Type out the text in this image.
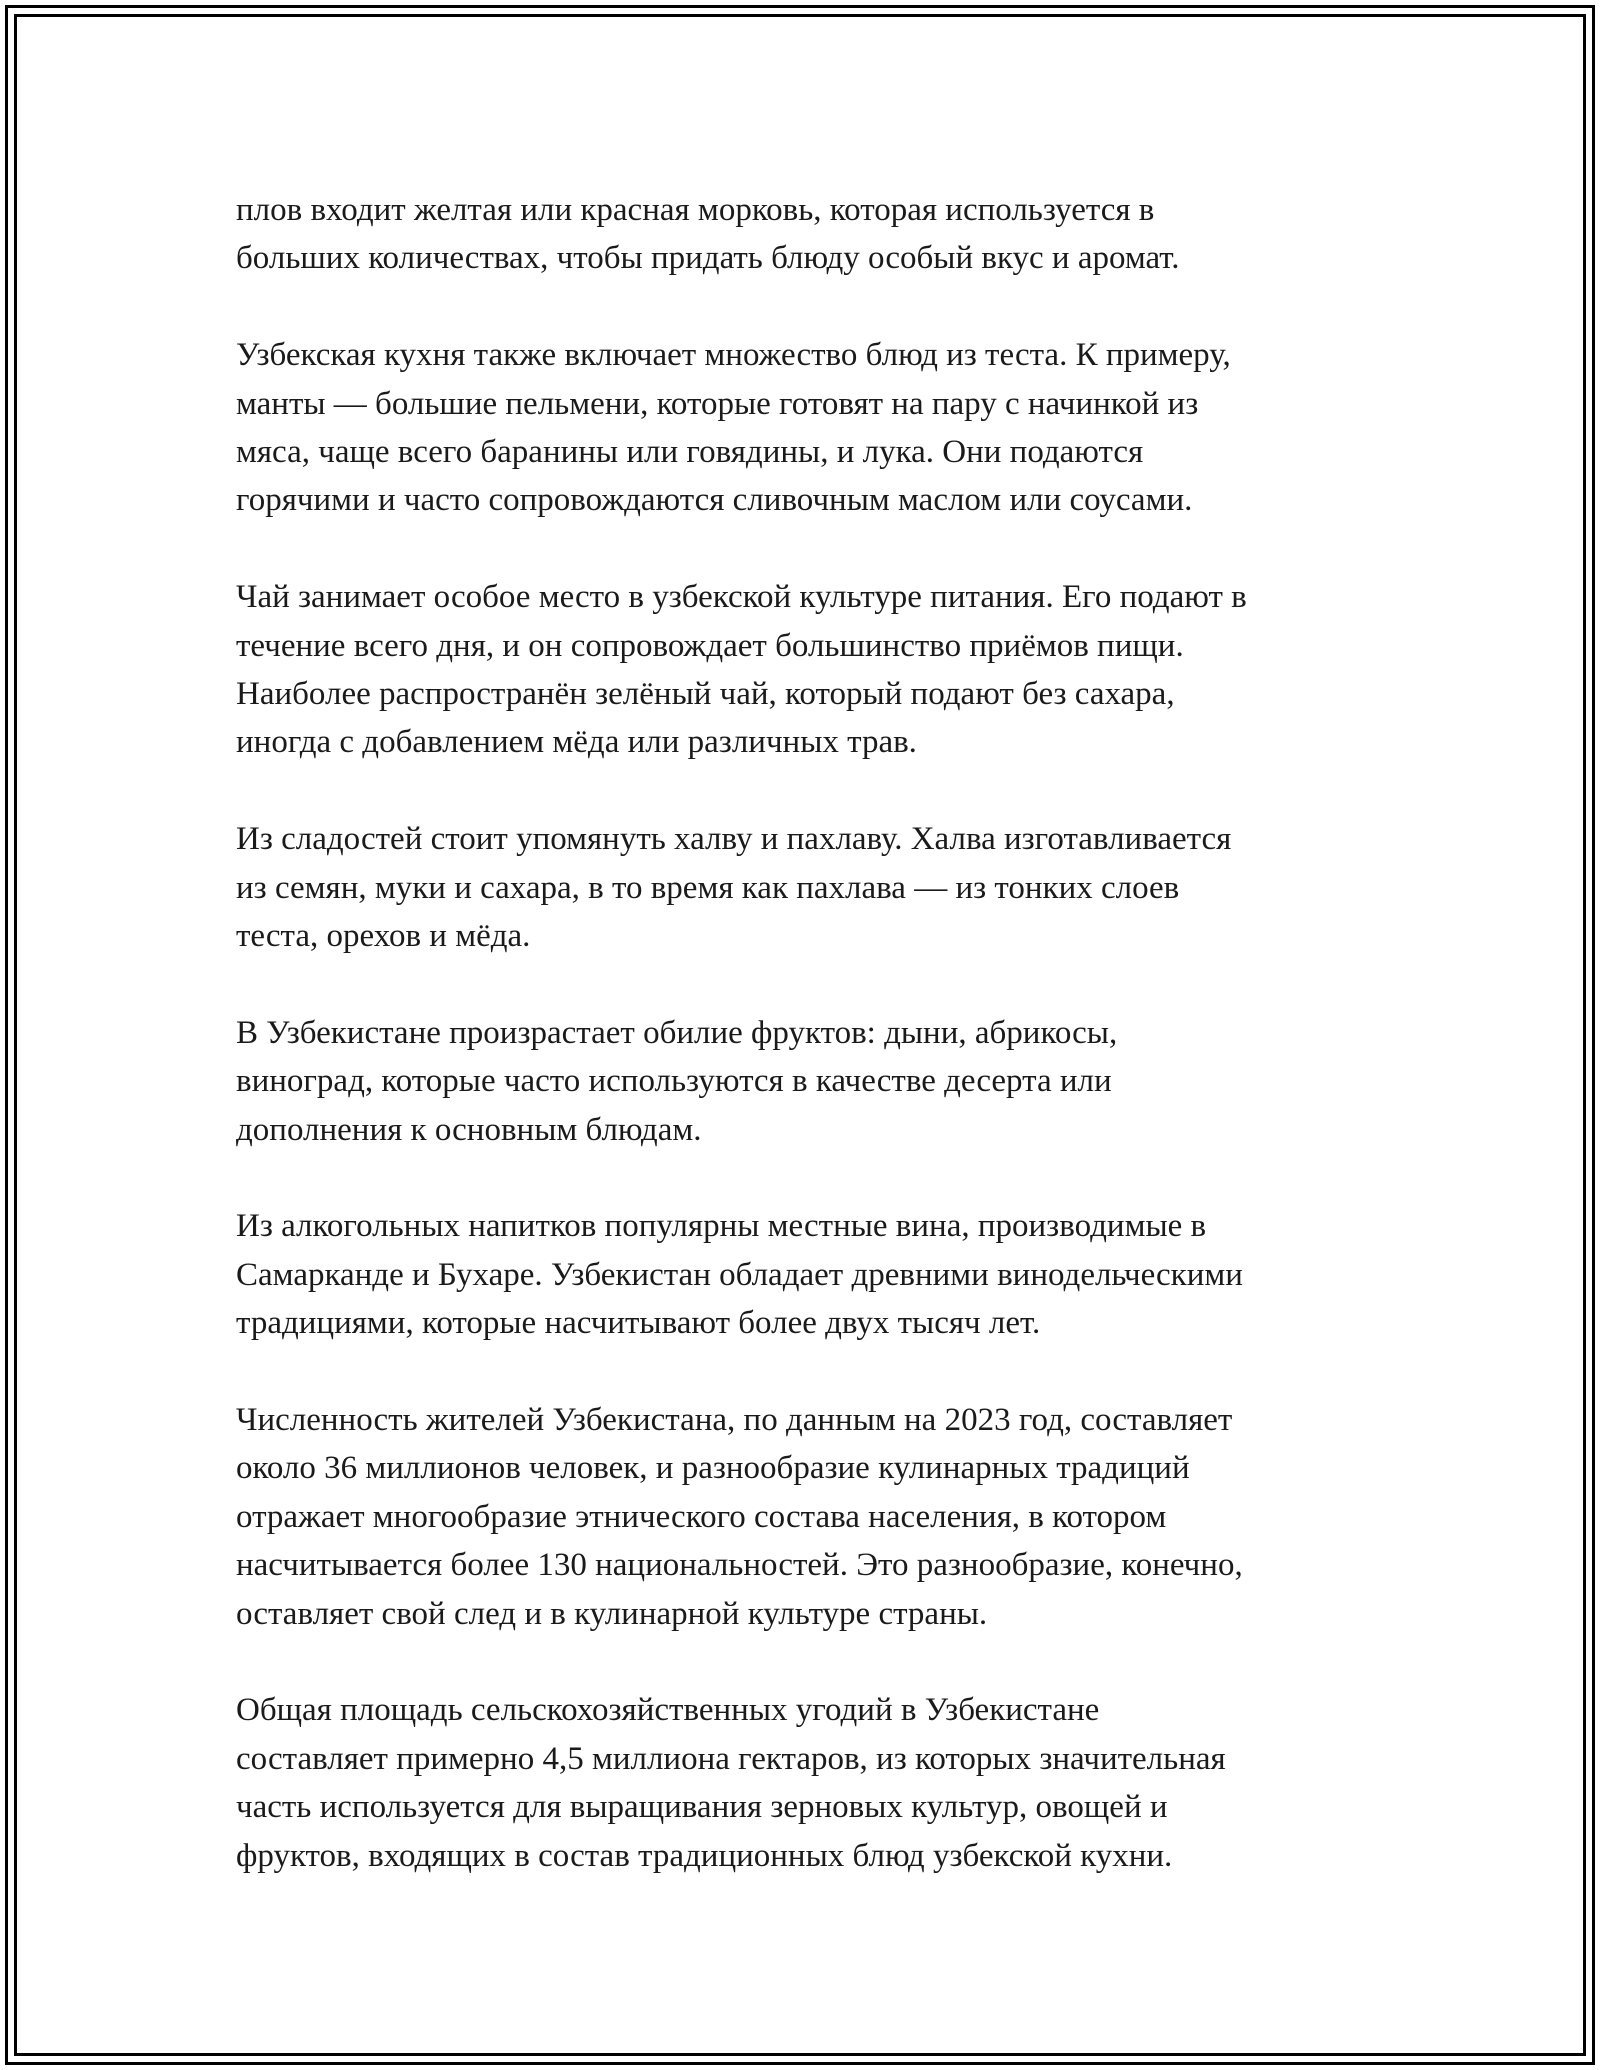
плов входит желтая или красная морковь, которая используется в
больших количествах, чтобы придать блюду особый вкус и аромат.

Узбекская кухня также включает множество блюд из теста. К примеру,
манты — большие пельмени, которые готовят на пару с начинкой из
мяса, чаще всего баранины или говядины, и лука. Они подаются
горячими и часто сопровождаются сливочным маслом или соусами.

Чай занимает особое место в узбекской культуре питания. Его подают в
течение всего дня, и он сопровождает большинство приёмов пищи.
Наиболее распространён зелёный чай, который подают без сахара,
иногда с добавлением мёда или различных трав.

Из сладостей стоит упомянуть халву и пахлаву. Халва изготавливается
из семян, муки и сахара, в то время как пахлава — из тонких слоев
теста, орехов и мёда.

В Узбекистане произрастает обилие фруктов: дыни, абрикосы,
виноград, которые часто используются в качестве десерта или
дополнения к основным блюдам.

Из алкогольных напитков популярны местные вина, производимые в
Самарканде и Бухаре. Узбекистан обладает древними винодельческими
традициями, которые насчитывают более двух тысяч лет.

Численность жителей Узбекистана, по данным на 2023 год, составляет
около 36 миллионов человек, и разнообразие кулинарных традиций
отражает многообразие этнического состава населения, в котором
насчитывается более 130 национальностей. Это разнообразие, конечно,
оставляет свой след и в кулинарной культуре страны.

Общая площадь сельскохозяйственных угодий в Узбекистане
составляет примерно 4,5 миллиона гектаров, из которых значительная
часть используется для выращивания зерновых культур, овощей и
фруктов, входящих в состав традиционных блюд узбекской кухни.
